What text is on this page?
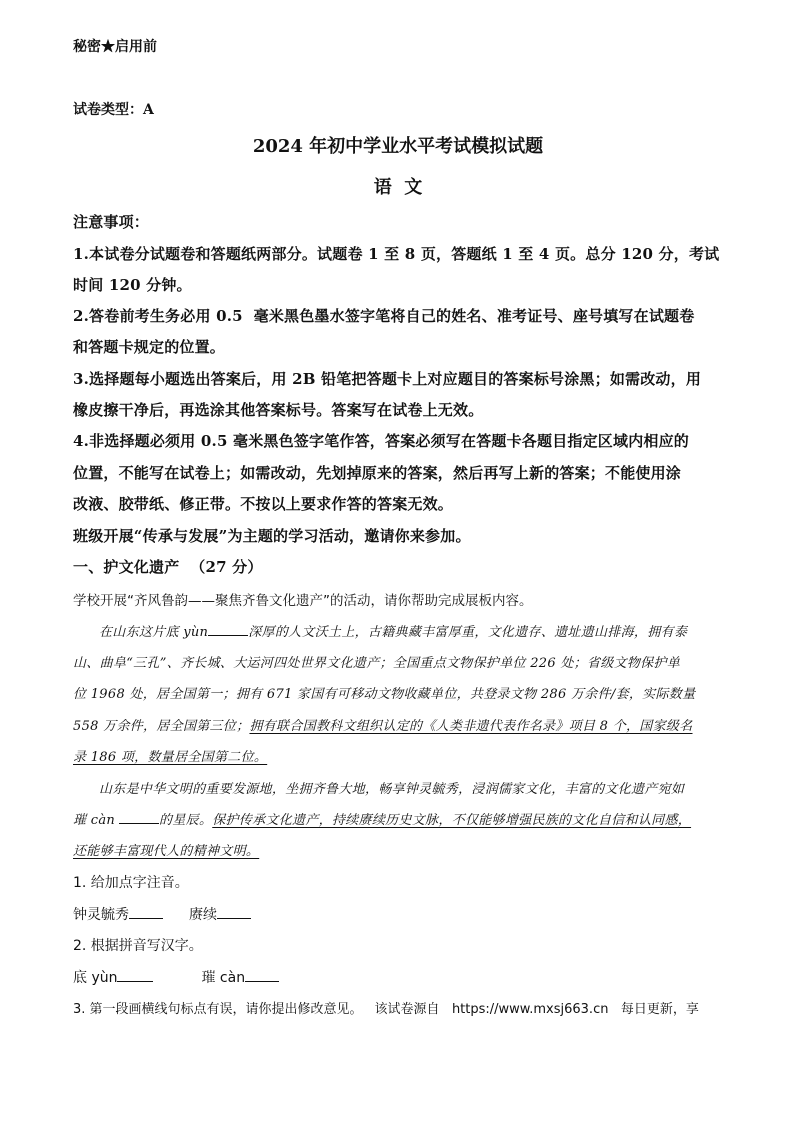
秘密★启用前
试卷类型：A
2024 年初中学业水平考试模拟试题
语  文
注意事项：
1.本试卷分试题卷和答题纸两部分。试题卷 1 至 8 页，答题纸 1 至 4 页。总分 120 分，考试
时间 120 分钟。
2.答卷前考生务必用 0.5  毫米黑色墨水签字笔将自己的姓名、准考证号、座号填写在试题卷
和答题卡规定的位置。
3.选择题每小题选出答案后，用 2B 铅笔把答题卡上对应题目的答案标号涂黑；如需改动，用
橡皮擦干净后，再选涂其他答案标号。答案写在试卷上无效。
4.非选择题必须用 0.5 毫米黑色签字笔作答，答案必须写在答题卡各题目指定区域内相应的
位置，不能写在试卷上；如需改动，先划掉原来的答案，然后再写上新的答案；不能使用涂
改液、胶带纸、修正带。不按以上要求作答的答案无效。
班级开展“传承与发展”为主题的学习活动，邀请你来参加。
一、护文化遗产  （27 分）
学校开展“齐风鲁韵——聚焦齐鲁文化遗产”的活动，请你帮助完成展板内容。
在山东这片底 yùn	深厚的人文沃土上，古籍典藏丰富厚重，文化遗存、遗址遗山排海，拥有泰
山、曲阜“三孔”、齐长城、大运河四处世界文化遗产；全国重点文物保护单位 226 处；省级文物保护单
位 1968 处，居全国第一；拥有 671 家国有可移动文物收藏单位，共登录文物 286 万余件/套，实际数量
558 万余件，居全国第三位；拥有联合国教科文组织认定的《人类非遗代表作名录》项目 8 个，国家级名
录 186 项，数量居全国第二位。
山东是中华文明的重要发源地，坐拥齐鲁大地，畅享钟灵毓秀，浸润儒家文化，丰富的文化遗产宛如
璀 càn	的星辰。保护传承文化遗产，持续赓续历史文脉，不仅能够增强民族的文化自信和认同感，
还能够丰富现代人的精神文明。
1. 给加点字注音。
钟灵毓秀	赓续
2. 根据拼音写汉字。
底 yùn	璀 càn
3. 第一段画横线句标点有误，请你提出修改意见。 该试卷源自   https://www.mxsj663.cn   每日更新，享
